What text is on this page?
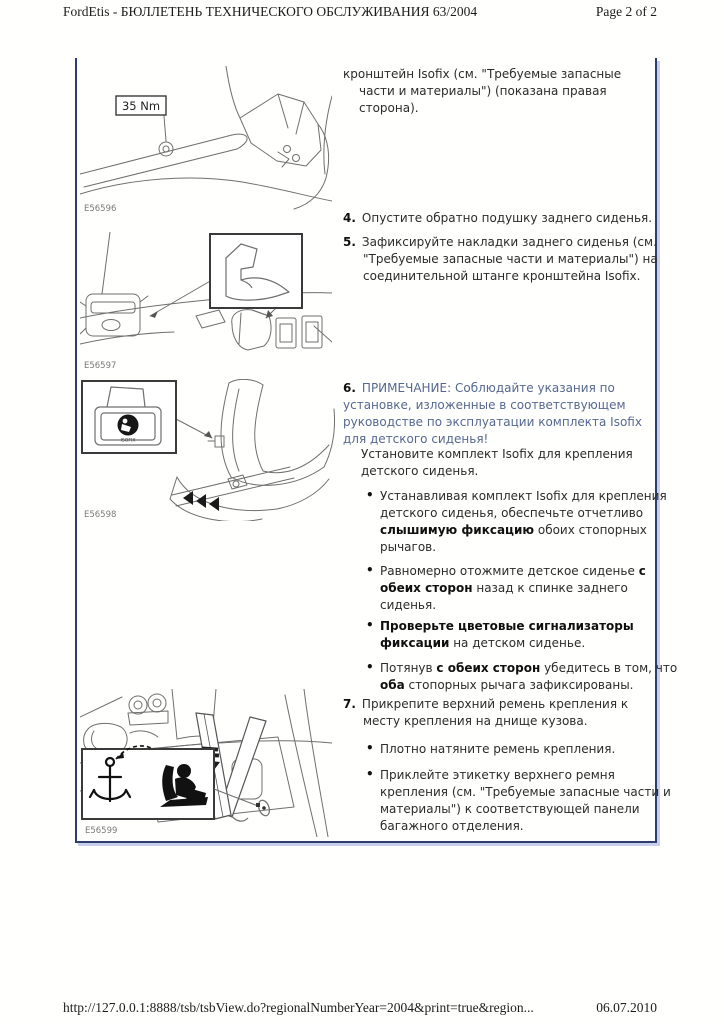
FordEtis - БЮЛЛЕТЕНЬ ТЕХНИЧЕСКОГО ОБСЛУЖИВАНИЯ 63/2004	Page 2 of 2
35 Nm
E56596
E56597
ISOFIX
E56598
E56599
кронштейн Isofix (см. "Требуемые запасные части и материалы") (показана правая сторона).
4. Опустите обратно подушку заднего сиденья.
5. Зафиксируйте накладки заднего сиденья (см. "Требуемые запасные части и материалы") на соединительной штанге кронштейна Isofix.
6. ПРИМЕЧАНИЕ: Соблюдайте указания по установке, изложенные в соответствующем руководстве по эксплуатации комплекта Isofix для детского сиденья!
Установите комплект Isofix для крепления детского сиденья.
• Устанавливая комплект Isofix для крепления детского сиденья, обеспечьте отчетливо слышимую фиксацию обоих стопорных рычагов.
• Равномерно отожмите детское сиденье с обеих сторон назад к спинке заднего сиденья.
• Проверьте цветовые сигнализаторы фиксации на детском сиденье.
• Потянув с обеих сторон убедитесь в том, что оба стопорных рычага зафиксированы.
7. Прикрепите верхний ремень крепления к месту крепления на днище кузова.
• Плотно натяните ремень крепления.
• Приклейте этикетку верхнего ремня крепления (см. "Требуемые запасные части и материалы") к соответствующей панели багажного отделения.
http://127.0.0.1:8888/tsb/tsbView.do?regionalNumberYear=2004&print=true&region...	06.07.2010
